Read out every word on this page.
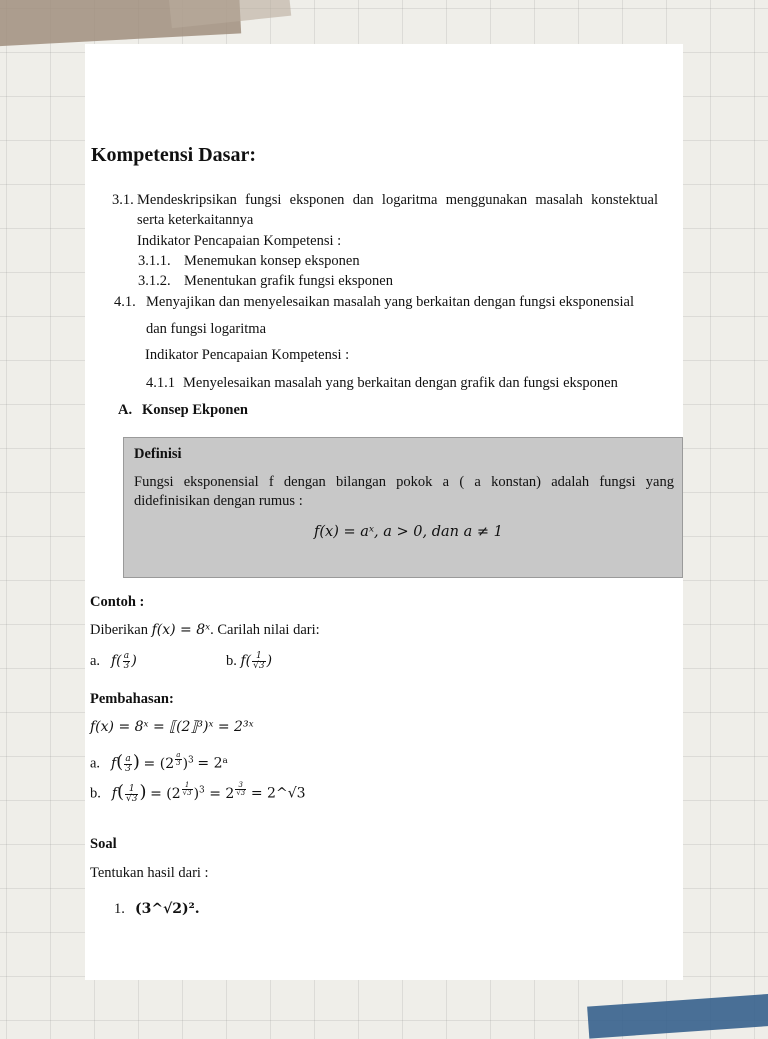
Kompetensi Dasar:
3.1. Mendeskripsikan fungsi eksponen dan logaritma menggunakan masalah konstektual
serta keterkaitannya
Indikator Pencapaian Kompetensi :
3.1.1. Menemukan konsep eksponen
3.1.2. Menentukan grafik fungsi eksponen
4.1. Menyajikan dan menyelesaikan masalah yang berkaitan dengan fungsi eksponensial
dan fungsi logaritma
Indikator Pencapaian Kompetensi :
4.1.1 Menyelesaikan masalah yang berkaitan dengan grafik dan fungsi eksponen
A. Konsep Ekponen
Definisi
Fungsi eksponensial f dengan bilangan pokok a ( a konstan) adalah fungsi yang
didefinisikan dengan rumus :
f(x) = aˣ, a > 0, dan a ≠ 1
Contoh :
Diberikan f(x) = 8ˣ. Carilah nilai dari:
a. $f( \frac{a}{3}$ )	b. $f( \frac{1}{√3}$ )
Pembahasan:
f(x) = 8ˣ = ⟦(2⟧³)ˣ = 2³ˣ
a. $f( \frac{a}{3}$ ) = (2 $^{\frac{a}{3}}$ )$^3$ = 2ᵃ
b. $f( \frac{1}{√3}$ ) = (2 $^{\frac{1}{√3}}$ )$^3$ = 2 $^{\frac{3}{√3}}$ = 2^√3
Soal
Tentukan hasil dari :
1. (3^√2)².
